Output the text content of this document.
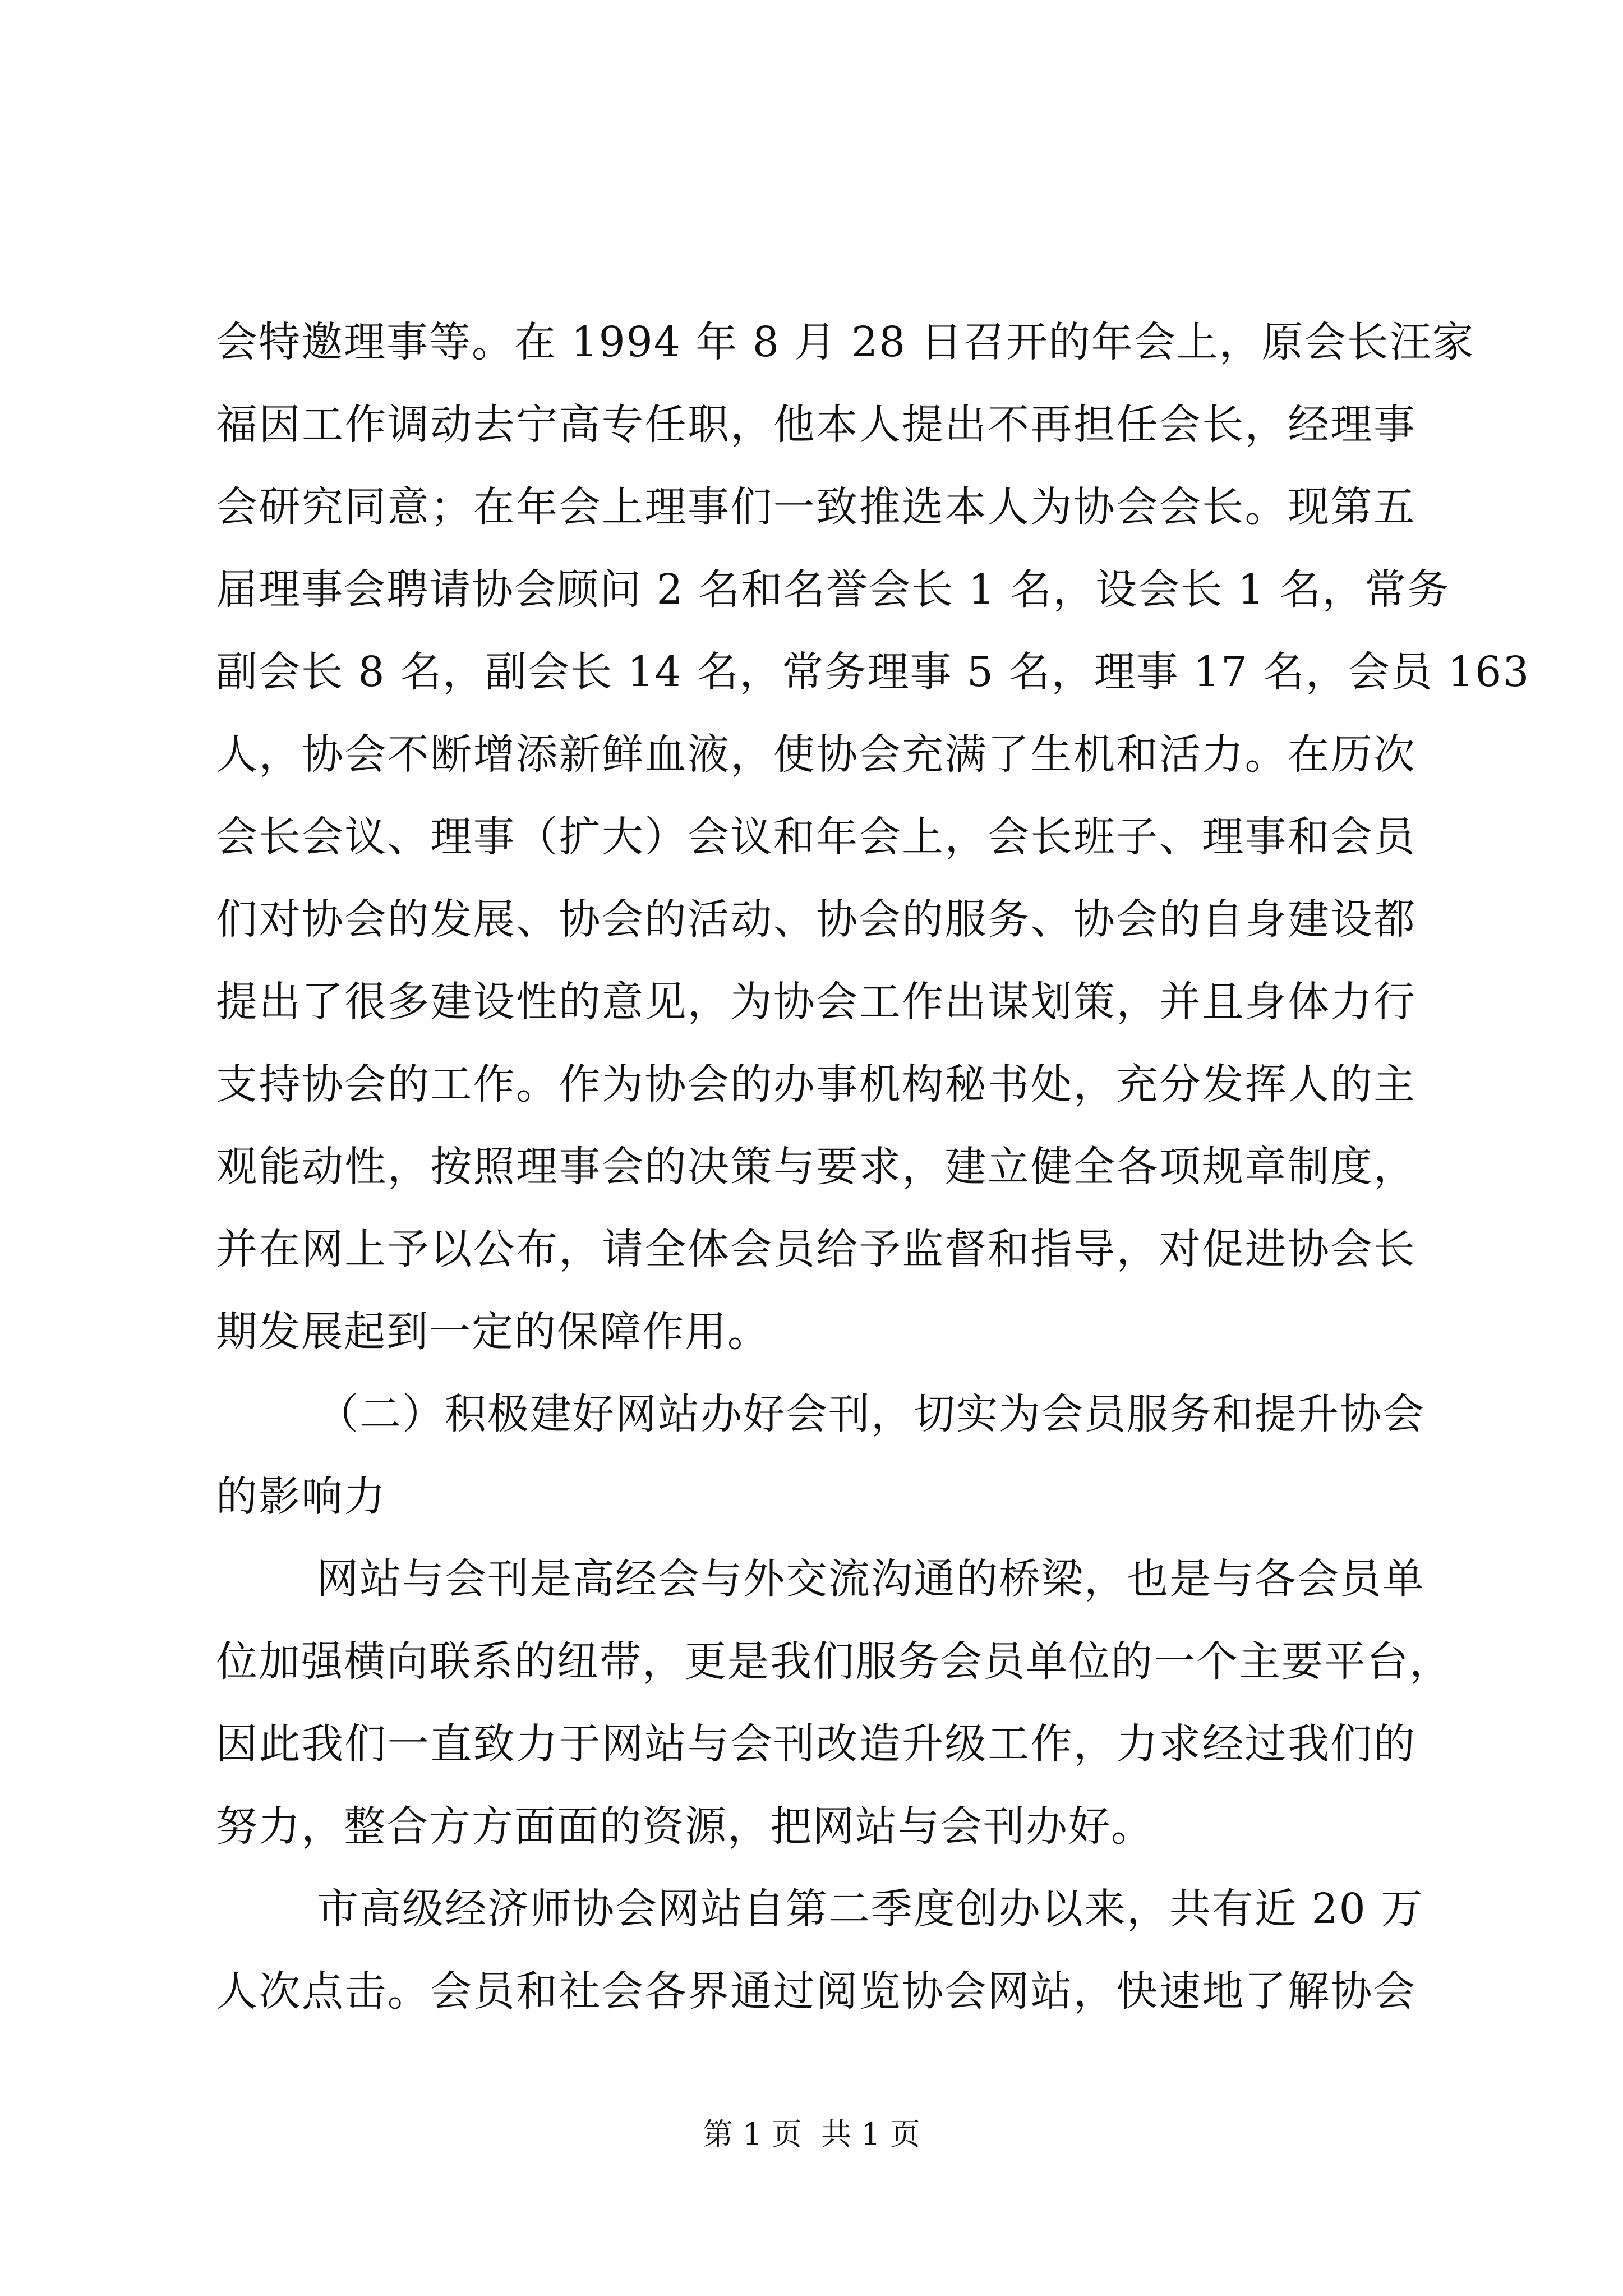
会特邀理事等。在 1994 年 8 月 28 日召开的年会上，原会长汪家
福因工作调动去宁高专任职，他本人提出不再担任会长，经理事
会研究同意；在年会上理事们一致推选本人为协会会长。现第五
届理事会聘请协会顾问 2 名和名誉会长 1 名，设会长 1 名，常务
副会长 8 名，副会长 14 名，常务理事 5 名，理事 17 名，会员 163
人，协会不断增添新鲜血液，使协会充满了生机和活力。在历次
会长会议、理事（扩大）会议和年会上，会长班子、理事和会员
们对协会的发展、协会的活动、协会的服务、协会的自身建设都
提出了很多建设性的意见，为协会工作出谋划策，并且身体力行
支持协会的工作。作为协会的办事机构秘书处，充分发挥人的主
观能动性，按照理事会的决策与要求，建立健全各项规章制度，
并在网上予以公布，请全体会员给予监督和指导，对促进协会长
期发展起到一定的保障作用。
（二）积极建好网站办好会刊，切实为会员服务和提升协会
的影响力
网站与会刊是高经会与外交流沟通的桥梁，也是与各会员单
位加强横向联系的纽带，更是我们服务会员单位的一个主要平台，
因此我们一直致力于网站与会刊改造升级工作，力求经过我们的
努力，整合方方面面的资源，把网站与会刊办好。
市高级经济师协会网站自第二季度创办以来，共有近 20 万
人次点击。会员和社会各界通过阅览协会网站，快速地了解协会
第 1 页  共 1 页
